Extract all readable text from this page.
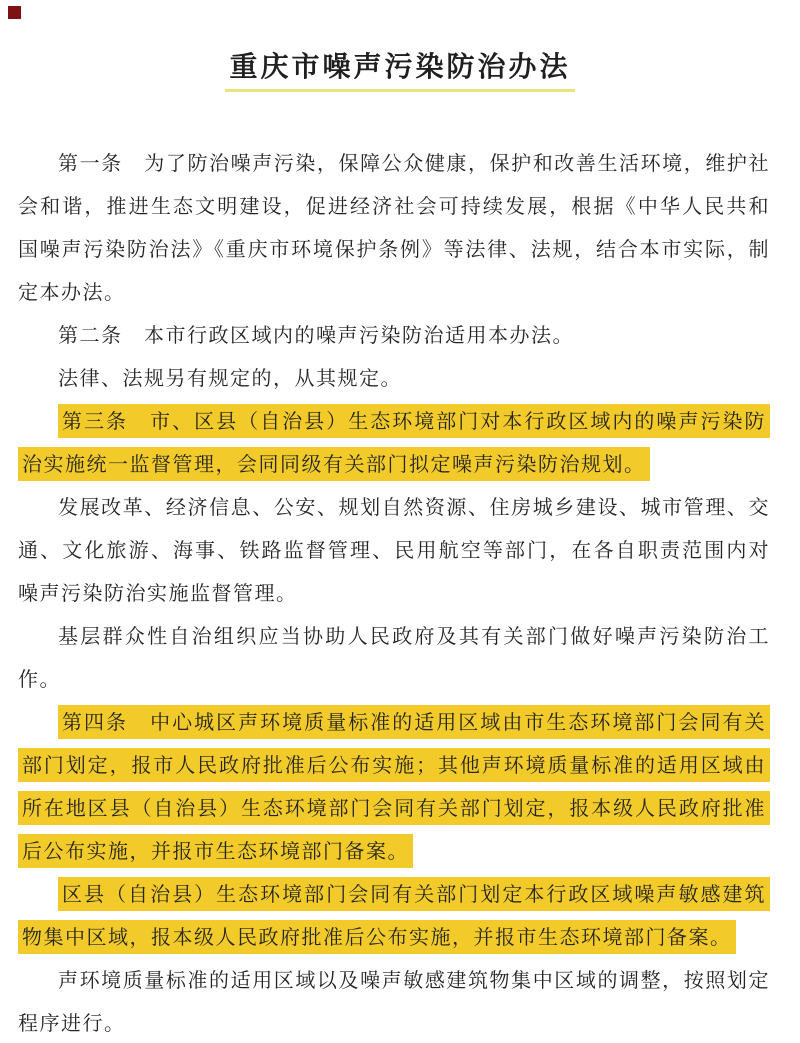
重庆市噪声污染防治办法

第一条　为了防治噪声污染，保障公众健康，保护和改善生活环境，维护社会和谐，推进生态文明建设，促进经济社会可持续发展，根据《中华人民共和国噪声污染防治法》《重庆市环境保护条例》等法律、法规，结合本市实际，制定本办法。

第二条　本市行政区域内的噪声污染防治适用本办法。

法律、法规另有规定的，从其规定。

第三条　市、区县（自治县）生态环境部门对本行政区域内的噪声污染防治实施统一监督管理，会同同级有关部门拟定噪声污染防治规划。

发展改革、经济信息、公安、规划自然资源、住房城乡建设、城市管理、交通、文化旅游、海事、铁路监督管理、民用航空等部门，在各自职责范围内对噪声污染防治实施监督管理。

基层群众性自治组织应当协助人民政府及其有关部门做好噪声污染防治工作。

第四条　中心城区声环境质量标准的适用区域由市生态环境部门会同有关部门划定，报市人民政府批准后公布实施；其他声环境质量标准的适用区域由所在地区县（自治县）生态环境部门会同有关部门划定，报本级人民政府批准后公布实施，并报市生态环境部门备案。

区县（自治县）生态环境部门会同有关部门划定本行政区域噪声敏感建筑物集中区域，报本级人民政府批准后公布实施，并报市生态环境部门备案。

声环境质量标准的适用区域以及噪声敏感建筑物集中区域的调整，按照划定程序进行。
